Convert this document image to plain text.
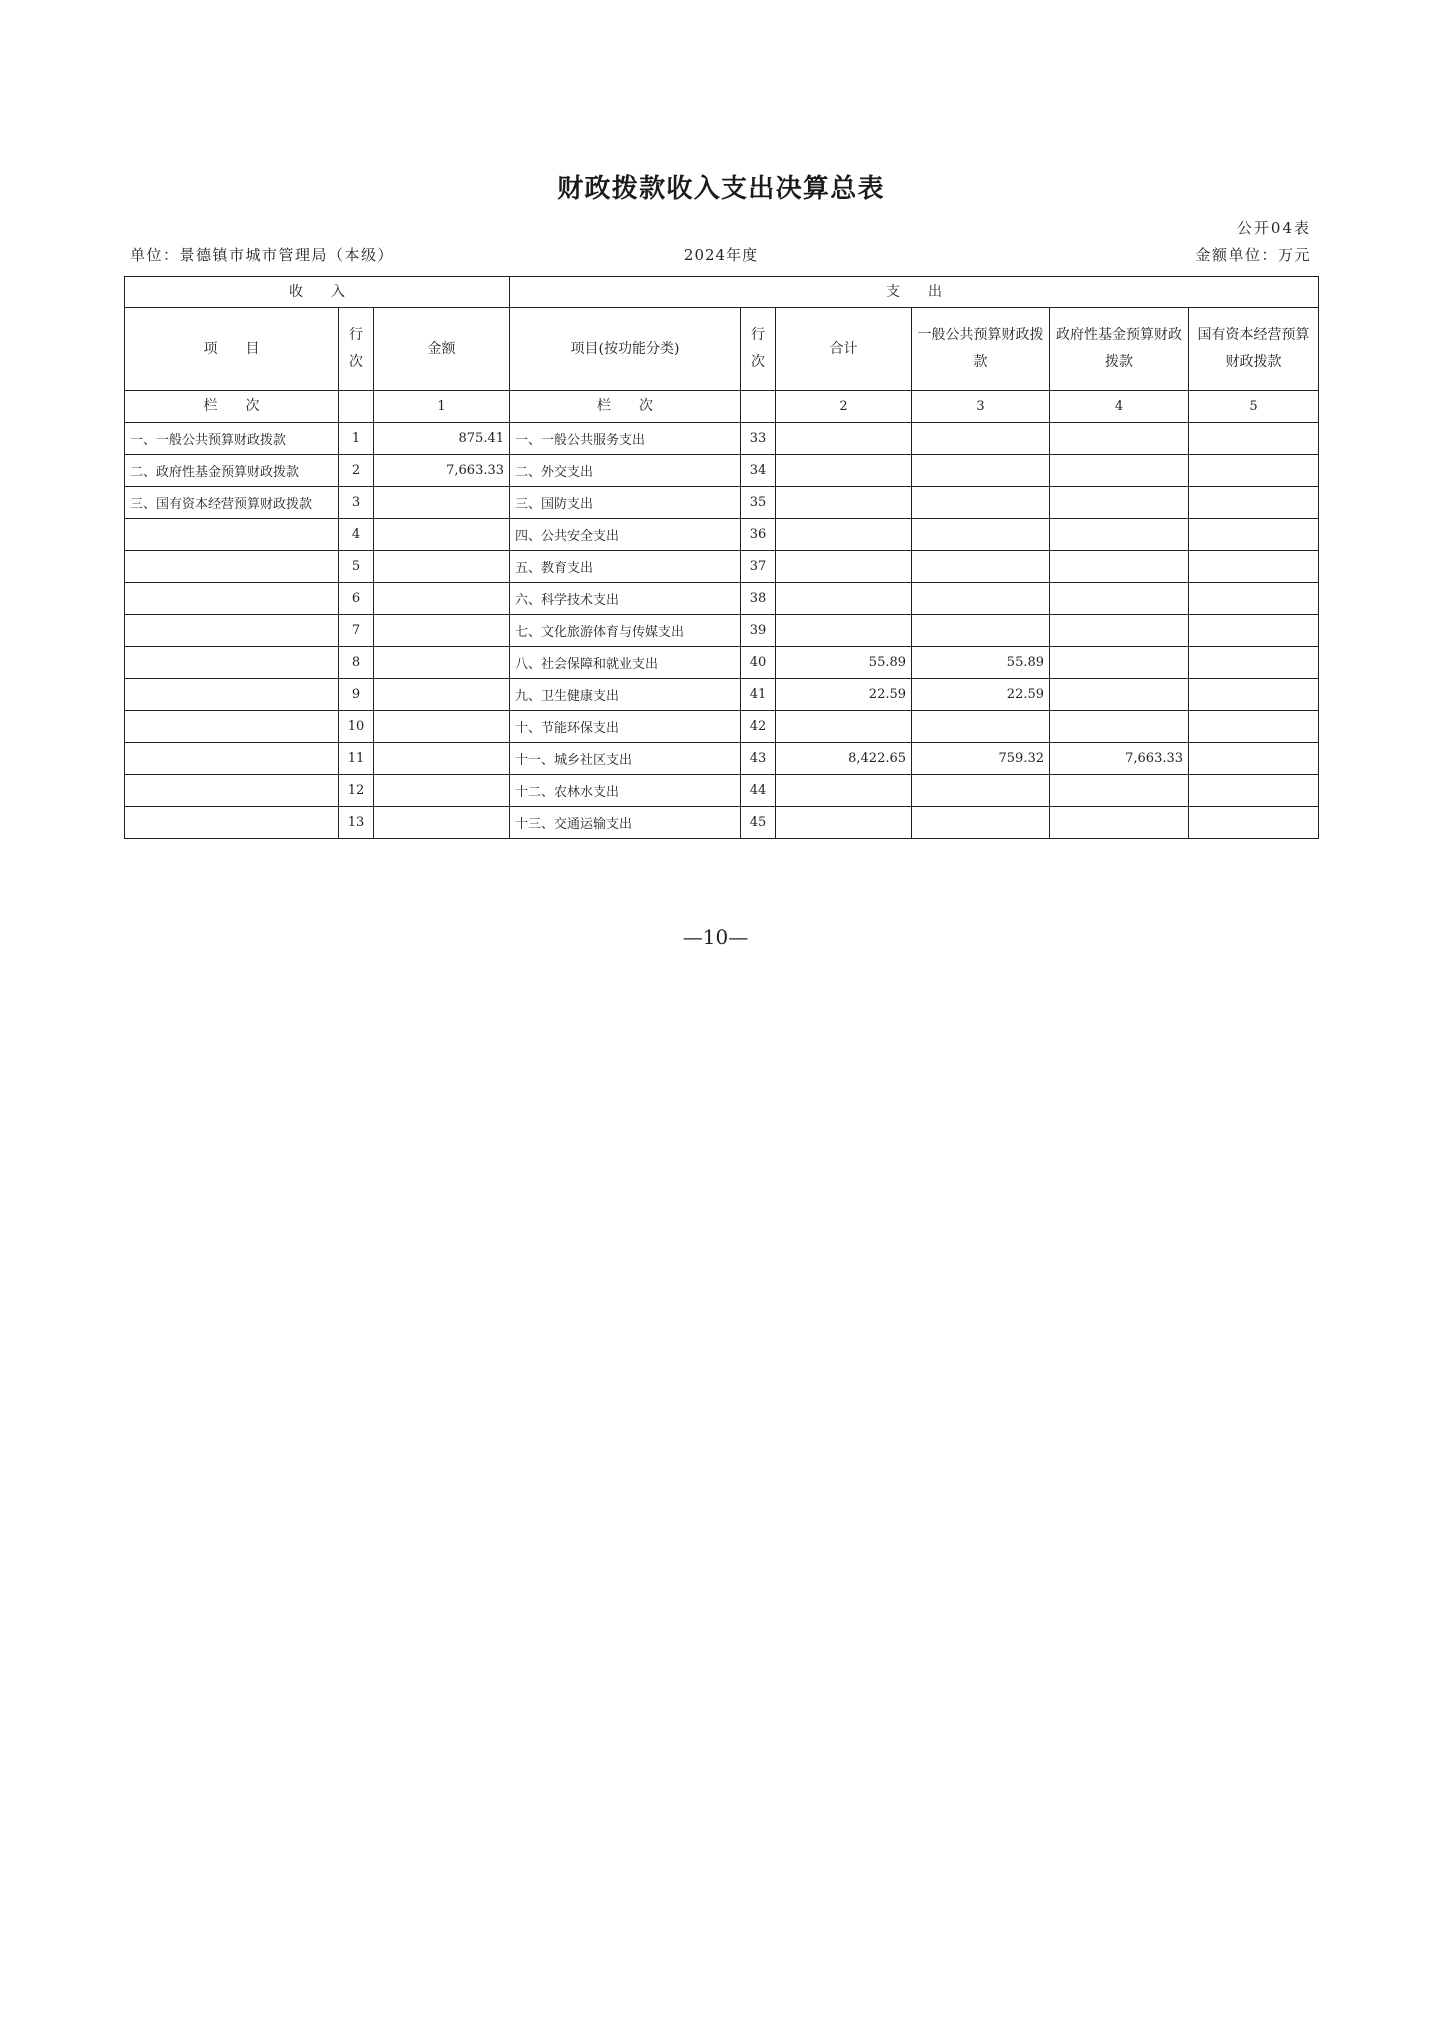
财政拨款收入支出决算总表
公开04表
单位：景德镇市城市管理局（本级）	2024年度	金额单位：万元
收　　入			支　　出					
项　　目	行次	金额	项目(按功能分类)	行次	合计	一般公共预算财政拨款	政府性基金预算财政拨款	国有资本经营预算财政拨款
栏　　次		1	栏　　次		2	3	4	5
一、一般公共预算财政拨款	1	875.41	一、一般公共服务支出	33				
二、政府性基金预算财政拨款	2	7,663.33	二、外交支出	34				
三、国有资本经营预算财政拨款	3		三、国防支出	35				
	4		四、公共安全支出	36				
	5		五、教育支出	37				
	6		六、科学技术支出	38				
	7		七、文化旅游体育与传媒支出	39				
	8		八、社会保障和就业支出	40	55.89	55.89		
	9		九、卫生健康支出	41	22.59	22.59		
	10		十、节能环保支出	42				
	11		十一、城乡社区支出	43	8,422.65	759.32	7,663.33	
	12		十二、农林水支出	44				
	13		十三、交通运输支出	45				
—10—
